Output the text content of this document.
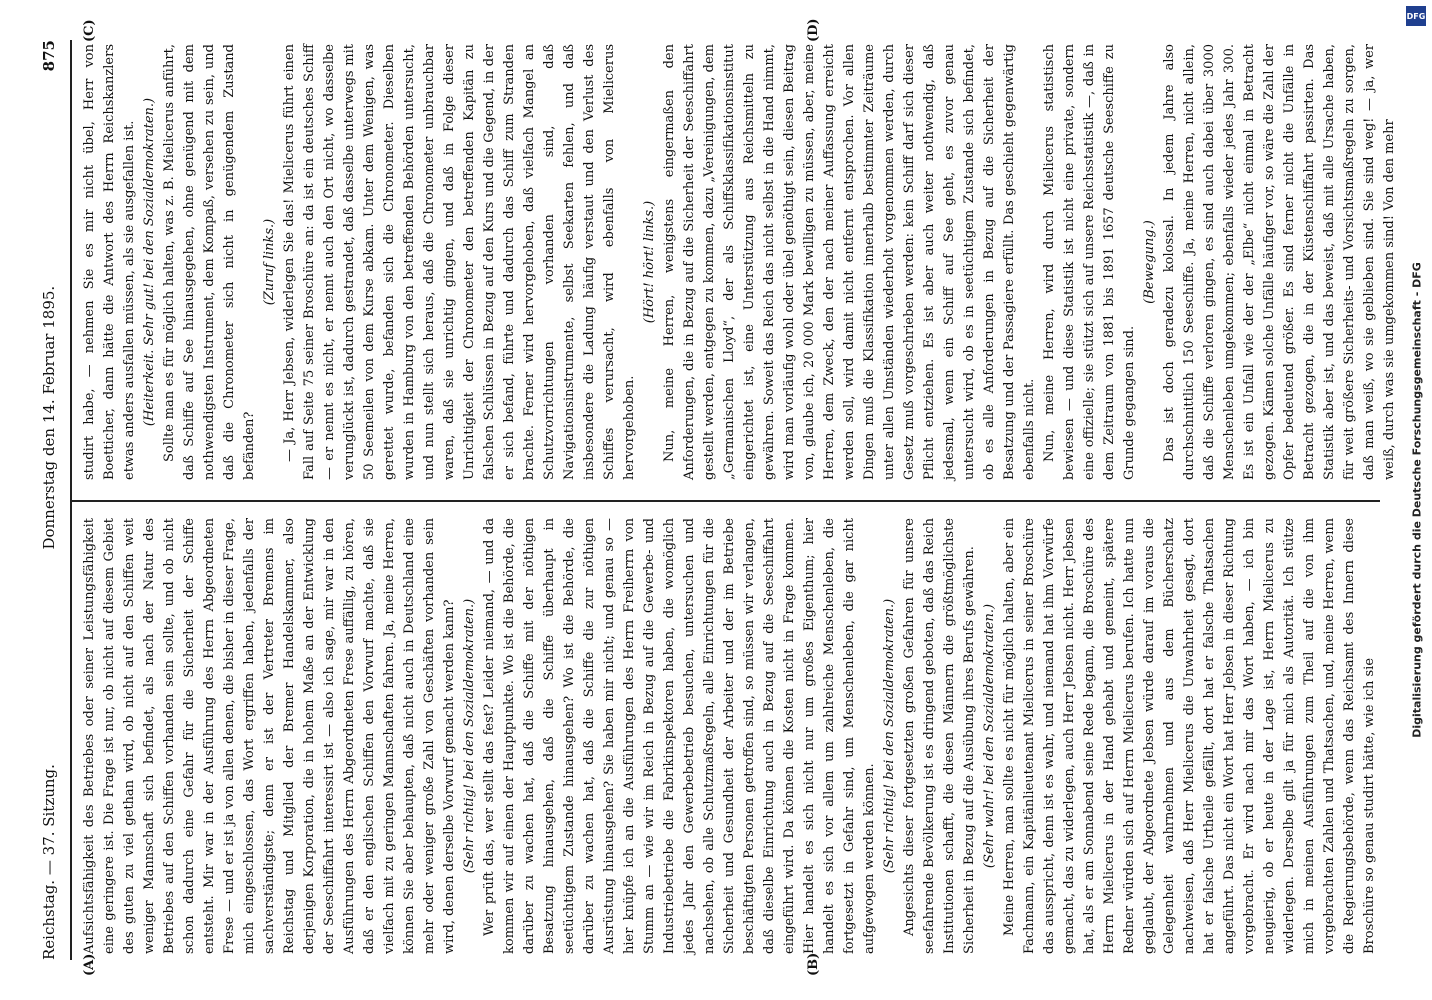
Reichstag. — 37. Sitzung.
Donnerstag den 14. Februar 1895.
875
(A)	(B)
(C)	(D)

Aufsichtsfähigkeit des Betriebes oder seiner Leistungsfähigkeit eine geringere ist. Die Frage ist nur, ob nicht auf diesem Gebiet des guten zu viel gethan wird, ob nicht auf den Schiffen weit weniger Mannschaft sich befindet, als nach der Natur des Betriebes auf den Schiffen vorhanden sein sollte, und ob nicht schon dadurch eine Gefahr für die Sicherheit der Schiffe entsteht. Mir war in der Ausführung des Herrn Abgeordneten Frese — und er ist ja von allen denen, die bisher in dieser Frage, mich eingeschlossen, das Wort ergriffen haben, jedenfalls der sachverständigste; denn er ist der Vertreter Bremens im Reichstag und Mitglied der Bremer Handelskammer, also derjenigen Korporation, die in hohem Maße an der Entwicklung der Seeschiffahrt interessirt ist — also ich sage, mir war in den Ausführungen des Herrn Abgeordneten Frese auffällig, zu hören, daß er den englischen Schiffen den Vorwurf machte, daß sie vielfach mit zu geringen Mannschaften fahren. Ja, meine Herren, können Sie aber behaupten, daß nicht auch in Deutschland eine mehr oder weniger große Zahl von Geschäften vorhanden sein wird, denen derselbe Vorwurf gemacht werden kann? (Sehr richtig! bei den Sozialdemokraten.) Wer prüft das, wer stellt das fest? Leider niemand, — und da kommen wir auf einen der Hauptpunkte. Wo ist die Behörde, die darüber zu wachen hat, daß die Schiffe mit der nöthigen Besatzung hinausgehen, daß die Schiffe überhaupt in seetüchtigem Zustande hinausgehen? Wo ist die Behörde, die darüber zu wachen hat, daß die Schiffe die zur nöthigen Ausrüstung hinausgehen? Sie haben mir nicht; und genau so — hier knüpfe ich an die Ausführungen des Herrn Freiherrn von Stumm an — wie wir im Reich in Bezug auf die Gewerbe- und Industriebetriebe die Fabrikinspektoren haben, die womöglich jedes Jahr den Gewerbebetrieb besuchen, untersuchen und nachsehen, ob alle Schutzmaßregeln, alle Einrichtungen für die Sicherheit und Gesundheit der Arbeiter und der im Betriebe beschäftigten Personen getroffen sind, so müssen wir verlangen, daß dieselbe Einrichtung auch in Bezug auf die Seeschiffahrt eingeführt wird. Da können die Kosten nicht in Frage kommen. Hier handelt es sich nicht nur um großes Eigenthum; hier handelt es sich vor allem um zahlreiche Menschenleben, die fortgesetzt in Gefahr sind, um Menschenleben, die gar nicht aufgewogen werden können. (Sehr richtig! bei den Sozialdemokraten.) Angesichts dieser fortgesetzten großen Gefahren für unsere seefahrende Bevölkerung ist es dringend geboten, daß das Reich Institutionen schafft, die diesen Männern die größtmöglichste Sicherheit in Bezug auf die Ausübung ihres Berufs gewähren. (Sehr wahr! bei den Sozialdemokraten.) Meine Herren, man sollte es nicht für möglich halten, aber ein Fachmann, ein Kapitänlieutenant Mielicerus in seiner Broschüre das ausspricht, denn ist es wahr, und niemand hat ihm Vorwürfe gemacht, das zu widerlegen, auch Herr Jebsen nicht. Herr Jebsen hat, als er am Sonnabend seine Rede begann, die Broschüre des Herrn Mielicerus in der Hand gehabt und gemeint, spätere Redner würden sich auf Herrn Mielicerus berufen. Ich hatte nun geglaubt, der Abgeordnete Jebsen würde darauf im voraus die Gelegenheit wahrnehmen und aus dem Bücherschatz nachweisen, daß Herr Mielicerus die Unwahrheit gesagt, dort hat er falsche Urtheile gefällt, dort hat er falsche Thatsachen angeführt. Das nicht ein Wort hat Herr Jebsen in dieser Richtung vorgebracht. Er wird nach mir das Wort haben, — ich bin neugierig, ob er heute in der Lage ist, Herrn Mielicerus zu widerlegen. Derselbe gilt ja für mich als Autorität. Ich stütze mich in meinen Ausführungen zum Theil auf die von ihm vorgebrachten Zahlen und Thatsachen, und, meine Herren, wenn die Regierungsbehörde, wenn das Reichsamt des Innern diese Broschüre so genau studirt hätte, wie ich sie

studirt habe, — nehmen Sie es mir nicht übel, Herr von Boetticher, dann hätte die Antwort des Herrn Reichskanzlers etwas anders ausfallen müssen, als sie ausgefallen ist. (Heiterkeit. Sehr gut! bei den Sozialdemokraten.) Sollte man es für möglich halten, was z. B. Mielicerus anführt, daß Schiffe auf See hinausgegehen, ohne genügend mit dem nothwendigsten Instrument, dem Kompaß, versehen zu sein, und daß die Chronometer sich nicht in genügendem Zustand befänden?

(Zuruf links.) — Ja, Herr Jebsen, widerlegen Sie das! Mielicerus führt einen Fall auf Seite 75 seiner Broschüre an: da ist ein deutsches Schiff — er nennt es nicht, er nennt auch den Ort nicht, wo dasselbe verunglückt ist, dadurch gestrandet, daß dasselbe unterwegs mit 50 Seemeilen von dem Kurse abkam. Unter dem Wenigen, was gerettet wurde, befanden sich die Chronometer. Dieselben wurden in Hamburg von den betreffenden Behörden untersucht, und nun stellt sich heraus, daß die Chronometer unbrauchbar waren, daß sie unrichtig gingen, und daß in Folge dieser Unrichtigkeit der Chronometer den betreffenden Kapitän zu falschen Schlüssen in Bezug auf den Kurs und die Gegend, in der er sich befand, führte und dadurch das Schiff zum Stranden brachte. Ferner wird hervorgehoben, daß vielfach Mangel an Schutzvorrichtungen vorhanden sind, daß Navigationsinstrumente, selbst Seekarten fehlen, und daß insbesondere die Ladung häufig verstaut und den Verlust des Schiffes verursacht, wird ebenfalls von Mielicerus hervorgehoben.

(Hört! hört! links.) Nun, meine Herren, wenigstens eingermaßen den Anforderungen, die in Bezug auf die Sicherheit der Seeschiffahrt gestellt werden, entgegen zu kommen, dazu „Vereinigungen, dem „Germanischen Lloyd“, der als Schiffsklassifikationsinstitut eingerichtet ist, eine Unterstützung aus Reichsmitteln zu gewähren. Soweit das Reich das nicht selbst in die Hand nimmt, wird man vorläufig wohl oder übel genöthigt sein, diesen Beitrag von, glaube ich, 20 000 Mark bewilligen zu müssen, aber, meine Herren, dem Zweck, den der nach meiner Auffassung erreicht werden soll, wird damit nicht entfernt entsprochen. Vor allen Dingen muß die Klassifikation innerhalb bestimmter Zeiträume unter allen Umständen wiederholt vorgenommen werden, durch Gesetz muß vorgeschrieben werden: kein Schiff darf sich dieser Pflicht entziehen. Es ist aber auch weiter nothwendig, daß jedesmal, wenn ein Schiff auf See geht, es zuvor genau untersucht wird, ob es in seetüchtigem Zustande sich befindet, ob es alle Anforderungen in Bezug auf die Sicherheit der Besatzung und der Passagiere erfüllt. Das geschieht gegenwärtig ebenfalls nicht. Nun, meine Herren, wird durch Mielicerus statistisch bewiesen — und diese Statistik ist nicht eine private, sondern eine offizielle; sie stützt sich auf unsere Reichsstatistik —, daß in dem Zeitraum von 1881 bis 1891 1657 deutsche Seeschiffe zu Grunde gegangen sind.

(Bewegung.) Das ist doch geradezu kolossal. In jedem Jahre also durchschnittlich 150 Seeschiffe. Ja, meine Herren, nicht allein, daß die Schiffe verloren gingen, es sind auch dabei über 3000 Menschenleben umgekommen; ebenfalls wieder jedes Jahr 300. Es ist ein Unfall wie der der „Elbe“ nicht einmal in Betracht gezogen. Kämen solche Unfälle häufiger vor, so wäre die Zahl der Opfer bedeutend größer. Es sind ferner nicht die Unfälle in Betracht gezogen, die in der Küstenschiffahrt passirten. Das Statistik aber ist, und das beweist, daß mit alle Ursache haben, für weit größere Sicherheits- und Vorsichtsmaßregeln zu sorgen, daß man weiß, wo sie geblieben sind. Sie sind weg! — ja, wer weiß, durch was sie umgekommen sind! Von den mehr

DFG
Digitalisierung gefördert durch die Deutsche Forschungsgemeinschaft - DFG
